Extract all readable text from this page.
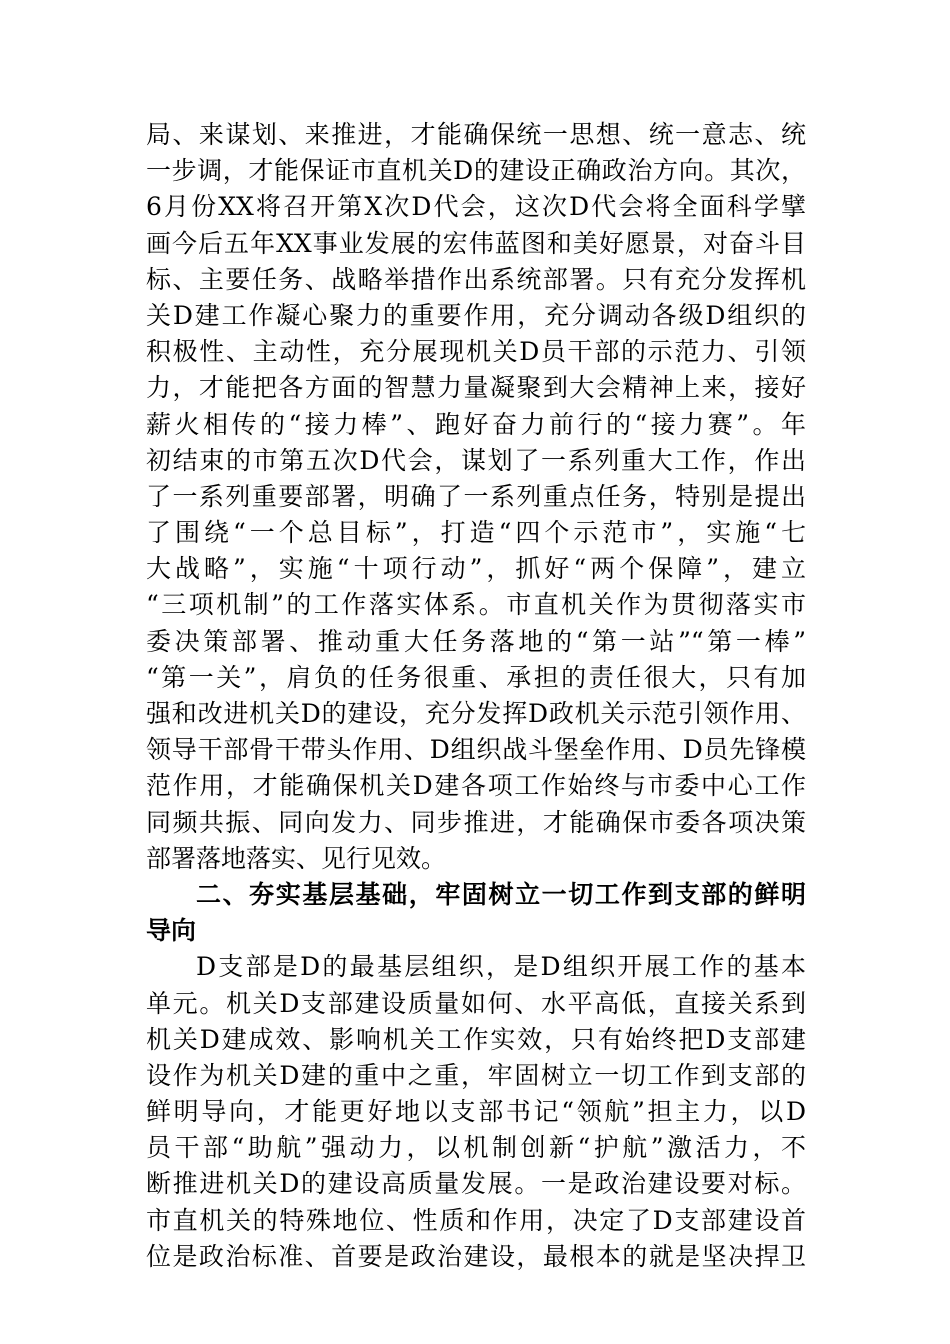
局、来谋划、来推进，才能确保统一思想、统一意志、统
一步调，才能保证市直机关D的建设正确政治方向。其次，
6月份XX将召开第X次D代会，这次D代会将全面科学擘
画今后五年XX事业发展的宏伟蓝图和美好愿景，对奋斗目
标、主要任务、战略举措作出系统部署。只有充分发挥机
关D建工作凝心聚力的重要作用，充分调动各级D组织的
积极性、主动性，充分展现机关D员干部的示范力、引领
力，才能把各方面的智慧力量凝聚到大会精神上来，接好
薪火相传的“接力棒”、跑好奋力前行的“接力赛”。年
初结束的市第五次D代会，谋划了一系列重大工作，作出
了一系列重要部署，明确了一系列重点任务，特别是提出
了围绕“一个总目标”，打造“四个示范市”，实施“七
大战略”，实施“十项行动”，抓好“两个保障”，建立
“三项机制”的工作落实体系。市直机关作为贯彻落实市
委决策部署、推动重大任务落地的“第一站”“第一棒”
“第一关”，肩负的任务很重、承担的责任很大，只有加
强和改进机关D的建设，充分发挥D政机关示范引领作用、
领导干部骨干带头作用、D组织战斗堡垒作用、D员先锋模
范作用，才能确保机关D建各项工作始终与市委中心工作
同频共振、同向发力、同步推进，才能确保市委各项决策
部署落地落实、见行见效。
二、夯实基层基础，牢固树立一切工作到支部的鲜明
导向
D支部是D的最基层组织，是D组织开展工作的基本
单元。机关D支部建设质量如何、水平高低，直接关系到
机关D建成效、影响机关工作实效，只有始终把D支部建
设作为机关D建的重中之重，牢固树立一切工作到支部的
鲜明导向，才能更好地以支部书记“领航”担主力，以D
员干部“助航”强动力，以机制创新“护航”激活力，不
断推进机关D的建设高质量发展。一是政治建设要对标。
市直机关的特殊地位、性质和作用，决定了D支部建设首
位是政治标准、首要是政治建设，最根本的就是坚决捍卫
